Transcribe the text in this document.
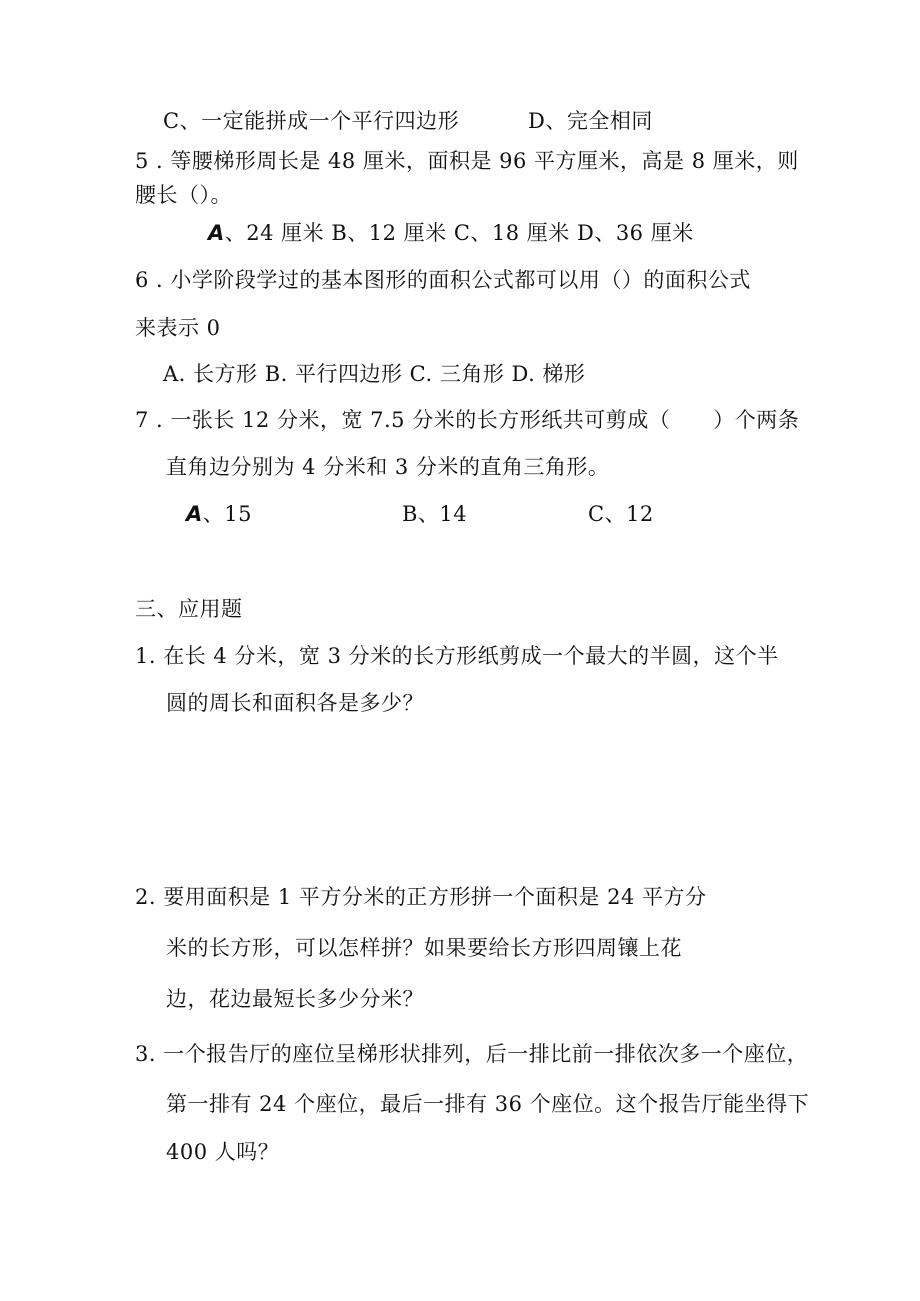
C、一定能拼成一个平行四边形	D、完全相同
5 . 等腰梯形周长是 48 厘米，面积是 96 平方厘米，高是 8 厘米，则
腰长（）。
A、24 厘米 B、12 厘米 C、18 厘米 D、36 厘米
6 . 小学阶段学过的基本图形的面积公式都可以用（）的面积公式
来表示 0
A. 长方形 B. 平行四边形 C. 三角形 D. 梯形
7 . 一张长 12 分米，宽 7.5 分米的长方形纸共可剪成（　　）个两条
直角边分别为 4 分米和 3 分米的直角三角形。
A、15	B、14	C、12
三、应用题
1. 在长 4 分米，宽 3 分米的长方形纸剪成一个最大的半圆，这个半
圆的周长和面积各是多少？
2. 要用面积是 1 平方分米的正方形拼一个面积是 24 平方分
米的长方形，可以怎样拼？如果要给长方形四周镶上花
边，花边最短长多少分米？
3. 一个报告厅的座位呈梯形状排列，后一排比前一排依次多一个座位，
第一排有 24 个座位，最后一排有 36 个座位。这个报告厅能坐得下
400 人吗？
